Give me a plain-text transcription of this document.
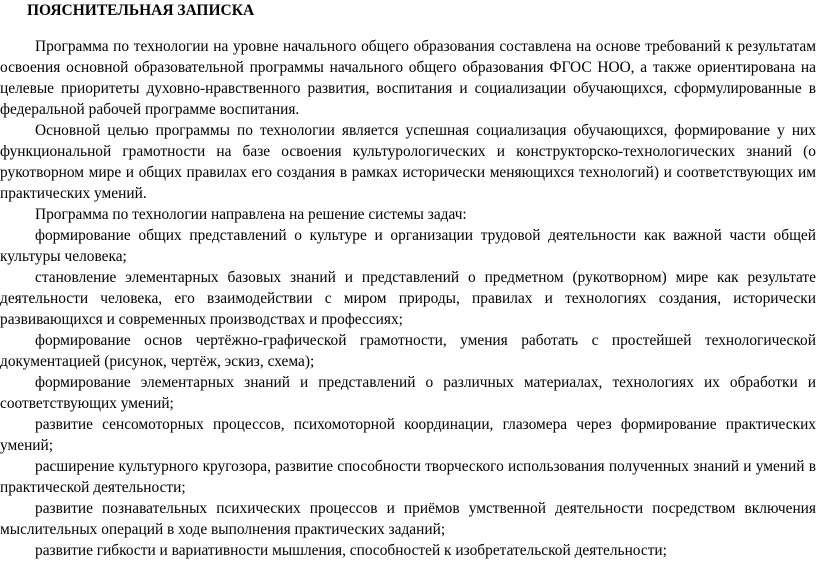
ПОЯСНИТЕЛЬНАЯ ЗАПИСКА

Программа по технологии на уровне начального общего образования составлена на основе требований к результатам освоения основной образовательной программы начального общего образования ФГОС НОО, а также ориентирована на целевые приоритеты духовно-нравственного развития, воспитания и социализации обучающихся, сформулированные в федеральной рабочей программе воспитания.

Основной целью программы по технологии является успешная социализация обучающихся, формирование у них функциональной грамотности на базе освоения культурологических и конструкторско-технологических знаний (о рукотворном мире и общих правилах его создания в рамках исторически меняющихся технологий) и соответствующих им практических умений.

Программа по технологии направлена на решение системы задач:

формирование общих представлений о культуре и организации трудовой деятельности как важной части общей культуры человека;

становление элементарных базовых знаний и представлений о предметном (рукотворном) мире как результате деятельности человека, его взаимодействии с миром природы, правилах и технологиях создания, исторически развивающихся и современных производствах и профессиях;

формирование основ чертёжно-графической грамотности, умения работать с простейшей технологической документацией (рисунок, чертёж, эскиз, схема);

формирование элементарных знаний и представлений о различных материалах, технологиях их обработки и соответствующих умений;

развитие сенсомоторных процессов, психомоторной координации, глазомера через формирование практических умений;

расширение культурного кругозора, развитие способности творческого использования полученных знаний и умений в практической деятельности;

развитие познавательных психических процессов и приёмов умственной деятельности посредством включения мыслительных операций в ходе выполнения практических заданий;

развитие гибкости и вариативности мышления, способностей к изобретательской деятельности;
